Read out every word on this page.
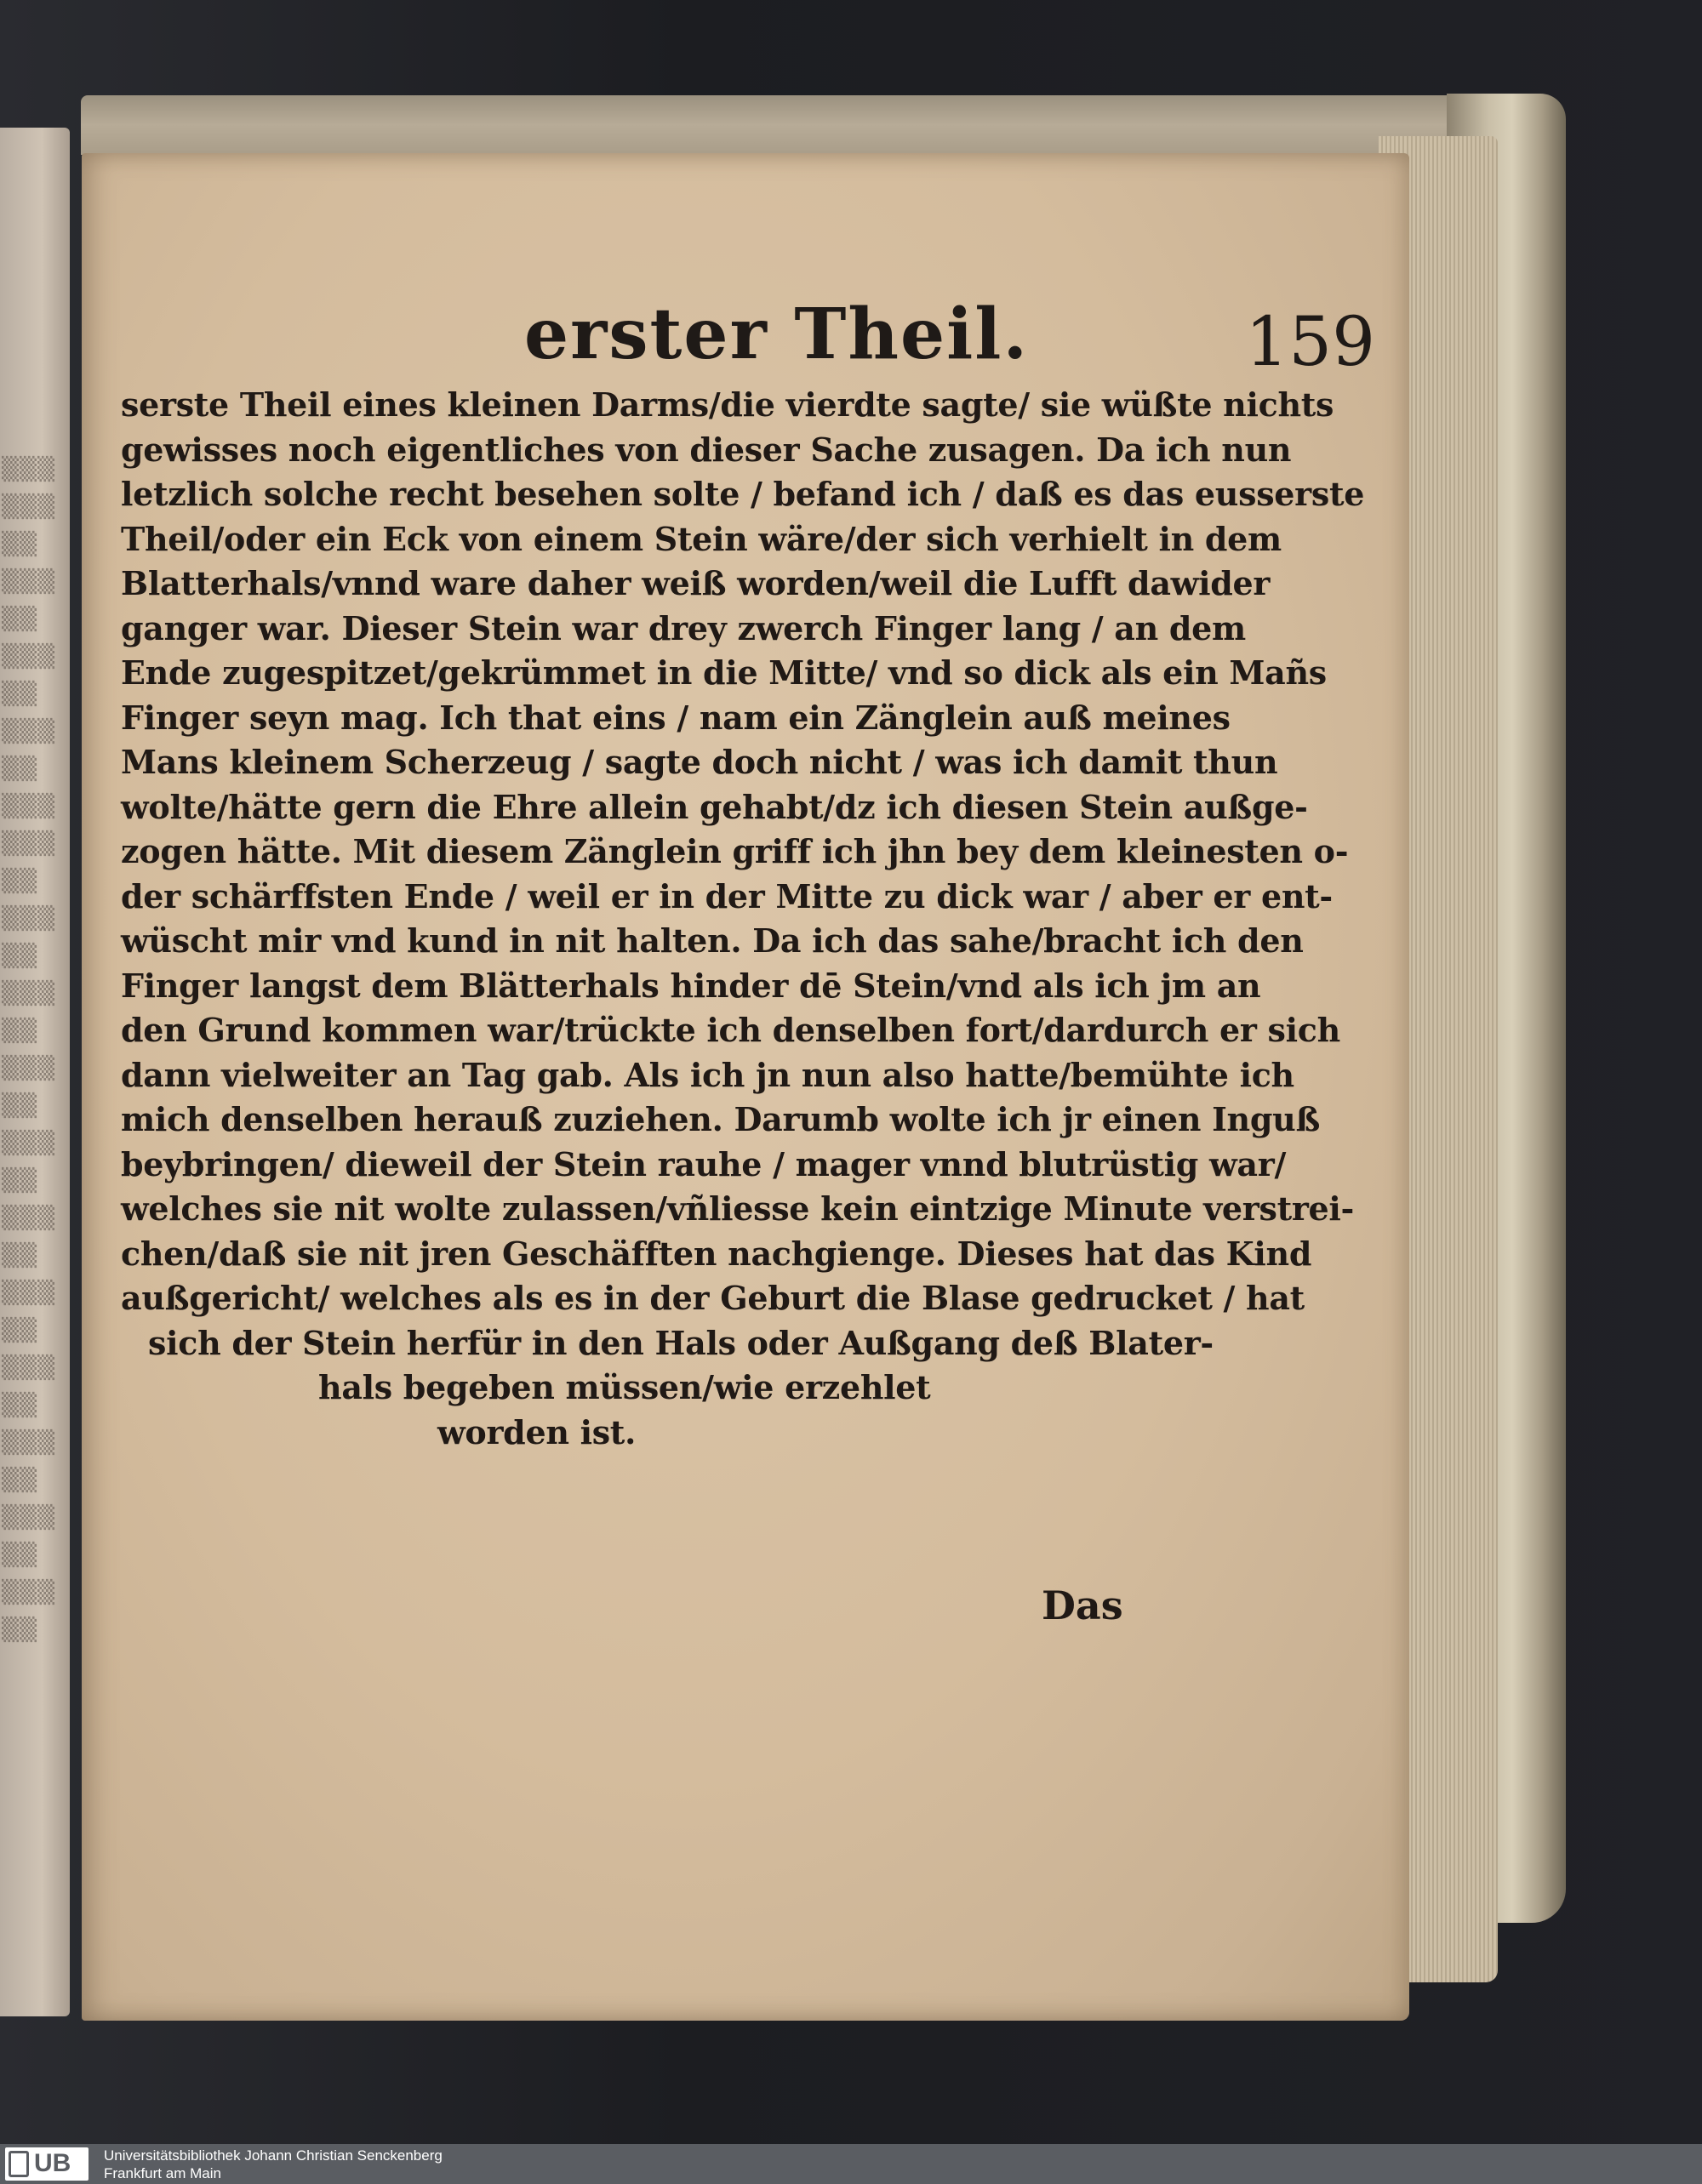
▒▒▒
▒▒▒
▒▒
▒▒▒
▒▒
▒▒▒
▒▒
▒▒▒
▒▒
▒▒▒
▒▒▒
▒▒
▒▒▒
▒▒
▒▒▒
▒▒
▒▒▒
▒▒
▒▒▒
▒▒
▒▒▒
▒▒
▒▒▒
▒▒
▒▒▒
▒▒
▒▒▒
▒▒
▒▒▒
▒▒
▒▒▒
▒▒
erster Theil.	159
serste Theil eines kleinen Darms/die vierdte sagte/ sie wüßte nichts
gewisses noch eigentliches von dieser Sache zusagen. Da ich nun
letzlich solche recht besehen solte / befand ich / daß es das eusserste
Theil/oder ein Eck von einem Stein wäre/der sich verhielt in dem
Blatterhals/vnnd ware daher weiß worden/weil die Lufft dawider
ganger war. Dieser Stein war drey zwerch Finger lang / an dem
Ende zugespitzet/gekrümmet in die Mitte/ vnd so dick als ein Mañs
Finger seyn mag. Ich that eins / nam ein Zänglein auß meines
Mans kleinem Scherzeug / sagte doch nicht / was ich damit thun
wolte/hätte gern die Ehre allein gehabt/dz ich diesen Stein außge-
zogen hätte. Mit diesem Zänglein griff ich jhn bey dem kleinesten o-
der schärffsten Ende / weil er in der Mitte zu dick war / aber er ent-
wüscht mir vnd kund in nit halten. Da ich das sahe/bracht ich den
Finger langst dem Blätterhals hinder dē Stein/vnd als ich jm an
den Grund kommen war/trückte ich denselben fort/dardurch er sich
dann vielweiter an Tag gab. Als ich jn nun also hatte/bemühte ich
mich denselben herauß zuziehen. Darumb wolte ich jr einen Inguß
beybringen/ dieweil der Stein rauhe / mager vnnd blutrüstig war/
welches sie nit wolte zulassen/vñliesse kein eintzige Minute verstrei-
chen/daß sie nit jren Geschäfften nachgienge. Dieses hat das Kind
außgericht/ welches als es in der Geburt die Blase gedrucket / hat
sich der Stein herfür in den Hals oder Außgang deß Blater-
hals begeben müssen/wie erzehlet
worden ist.
Das
UB Universitätsbibliothek Johann Christian Senckenberg
Frankfurt am Main
